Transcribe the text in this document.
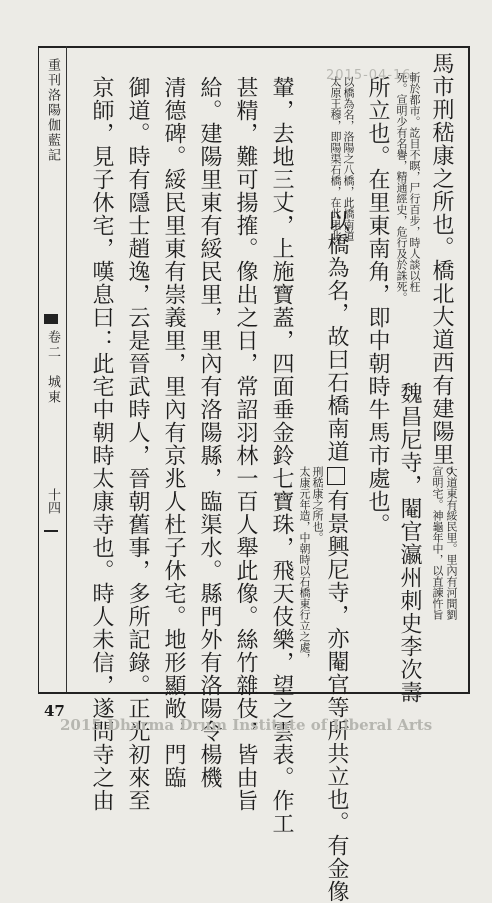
重刊洛陽伽藍記
卷二　城東
十四
馬市刑嵇康之所也。橋北大道西有建陽里。
大道東有綏民里。里內有河間劉
宣明宅。神龜年中，以直諫忤旨
斬於都市。訖目不瞑，尸行百步，時人談以枉
死。宣明少有名譽，精通經史，危行及於誅死。
魏昌尼寺，閹官瀛州刺史李次壽
所立也。在里東南角，即中朝時牛馬市處也。
以橋為名，洛陽之八橋，此橋南道
太原王穆，即陽渠石橋，在此里北。
以橋為名，故曰石橋南道有景興尼寺，亦閹官等所共立也。有金像
刑嵇康之所也。
太康元年造，中朝時以石橋東行立之處，
輦，去地三丈，上施寶蓋，四面垂金鈴七寶珠，飛天伎樂，望之雲表。作工
甚精，難可揚搉。像出之日，常詔羽林一百人舉此像。絲竹雜伎，皆由旨
給。建陽里東有綏民里，里內有洛陽縣，臨渠水。縣門外有洛陽令楊機
清德碑。綏民里東有崇義里，里內有京兆人杜子休宅。地形顯敞，門臨
御道。時有隱士趙逸，云是晉武時人，晉朝舊事，多所記錄。正光初來至
京師，見子休宅，嘆息曰：此宅中朝時太康寺也。時人未信，遂問寺之由
2015-04-16
47
2015 Dharma Drum Institute of Liberal Arts
